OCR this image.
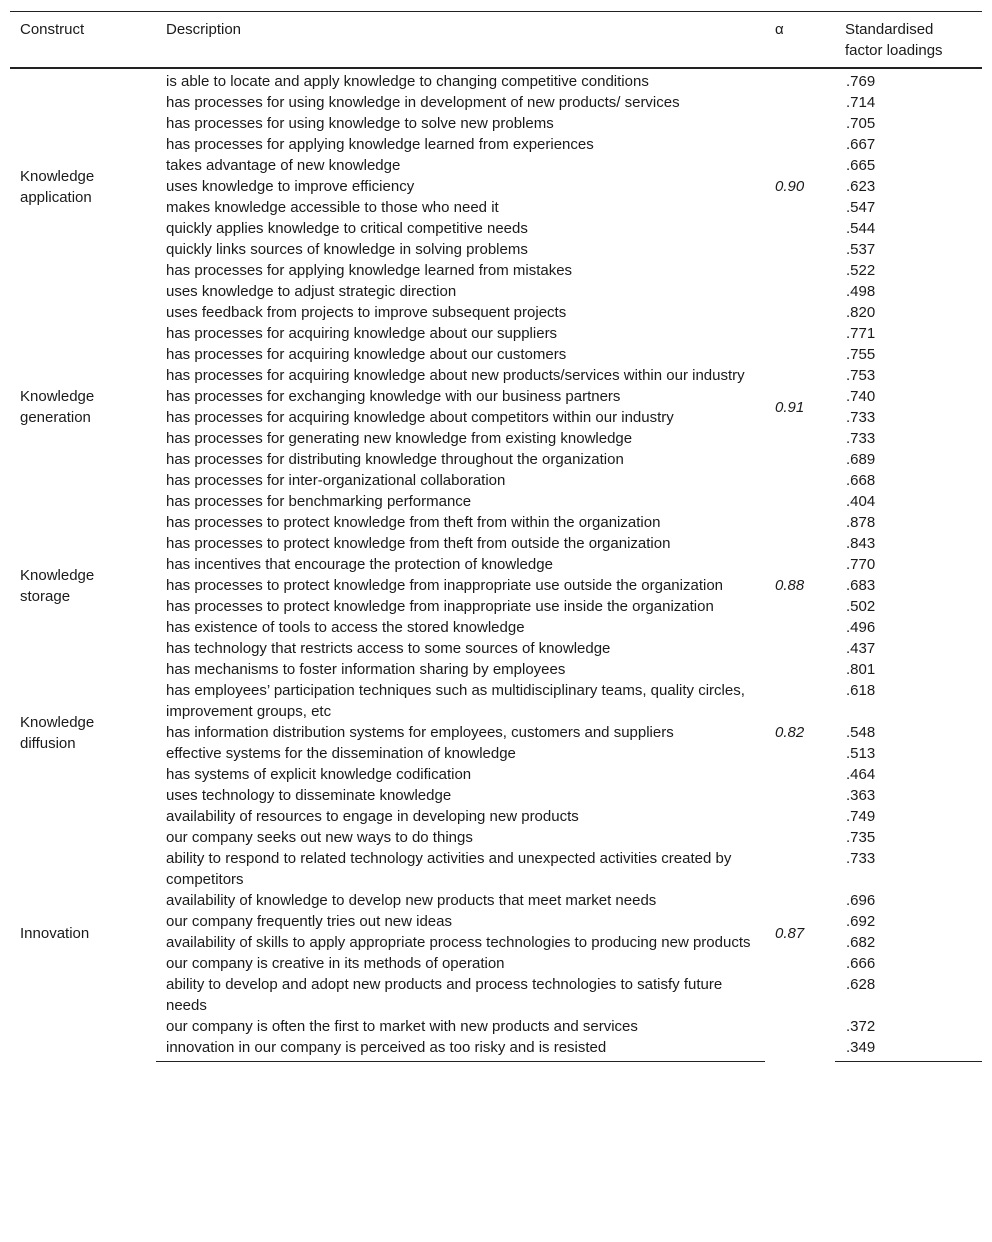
Construct	Description	α	Standardised factor loadings
Knowledge application	is able to locate and apply knowledge to changing competitive conditions	0.90	.769
	has processes for using knowledge in development of new products/ services		.714
	has processes for using knowledge to solve new problems		.705
	has processes for applying knowledge learned from experiences		.667
	takes advantage of new knowledge		.665
	uses knowledge to improve efficiency		.623
	makes knowledge accessible to those who need it		.547
	quickly applies knowledge to critical competitive needs		.544
	quickly links sources of knowledge in solving problems		.537
	has processes for applying knowledge learned from mistakes		.522
	uses knowledge to adjust strategic direction		.498
Knowledge generation	uses feedback from projects to improve subsequent projects	0.91	.820
	has processes for acquiring knowledge about our suppliers		.771
	has processes for acquiring knowledge about our customers		.755
	has processes for acquiring knowledge about new products/services within our industry		.753
	has processes for exchanging knowledge with our business partners		.740
	has processes for acquiring knowledge about competitors within our industry		.733
	has processes for generating new knowledge from existing knowledge		.733
	has processes for distributing knowledge throughout the organization		.689
	has processes for inter-organizational collaboration		.668
	has processes for benchmarking performance		.404
Knowledge storage	has processes to protect knowledge from theft from within the organization	0.88	.878
	has processes to protect knowledge from theft from outside the organization		.843
	has incentives that encourage the protection of knowledge		.770
	has processes to protect knowledge from inappropriate use outside the organization		.683
	has processes to protect knowledge from inappropriate use inside the organization		.502
	has existence of tools to access the stored knowledge		.496
	has technology that restricts access to some sources of knowledge		.437
Knowledge diffusion	has mechanisms to foster information sharing by employees	0.82	.801
	has employees’ participation techniques such as multidisciplinary teams, quality circles, improvement groups, etc		.618
	has information distribution systems for employees, customers and suppliers		.548
	effective systems for the dissemination of knowledge		.513
	has systems of explicit knowledge codification		.464
	uses technology to disseminate knowledge		.363
Innovation	availability of resources to engage in developing new products	0.87	.749
	our company seeks out new ways to do things		.735
	ability to respond to related technology activities and unexpected activities created by competitors		.733
	availability of knowledge to develop new products that meet market needs		.696
	our company frequently tries out new ideas		.692
	availability of skills to apply appropriate process technologies to producing new products		.682
	our company is creative in its methods of operation		.666
	ability to develop and adopt new products and process technologies to satisfy future needs		.628
	our company is often the first to market with new products and services		.372
	innovation in our company is perceived as too risky and is resisted		.349
